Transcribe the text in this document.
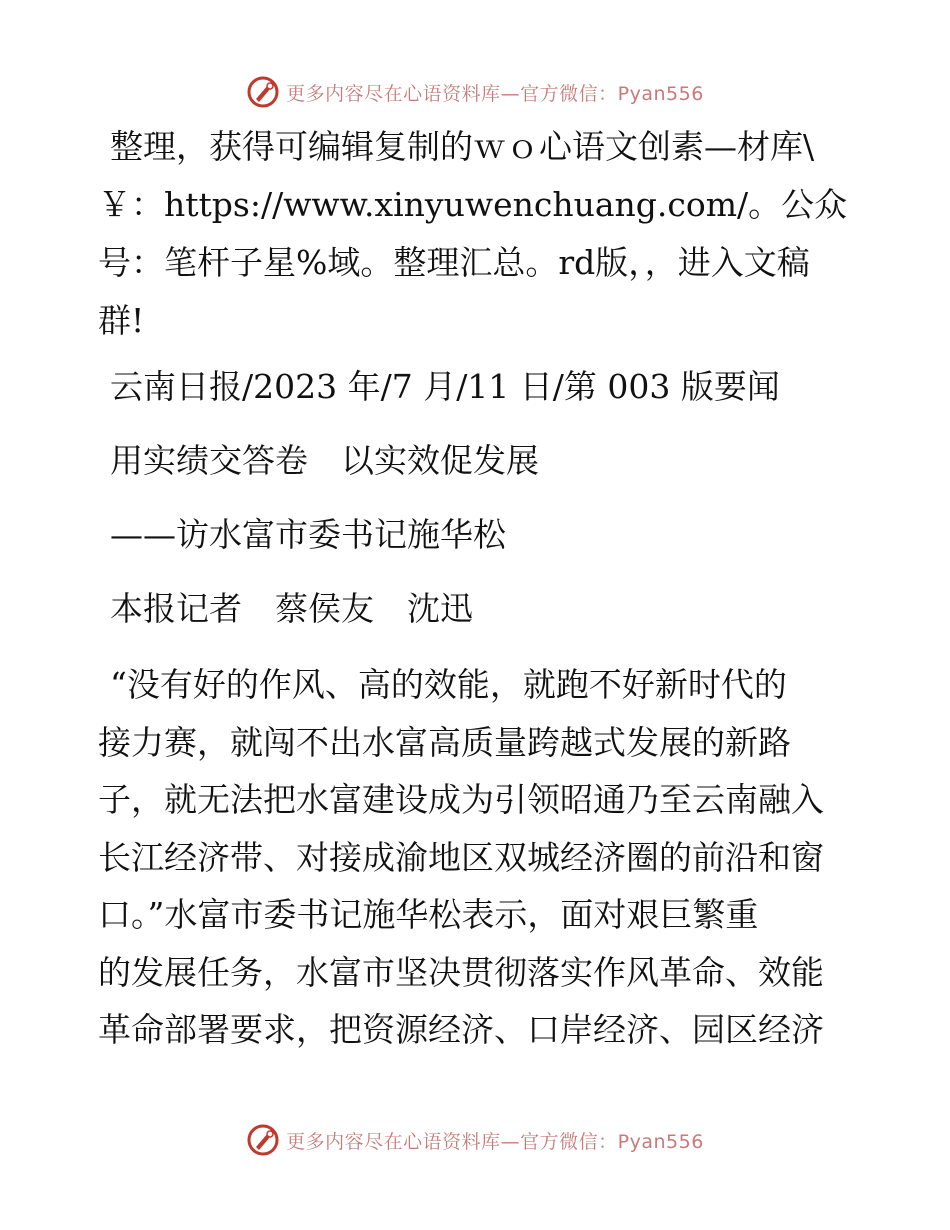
更多内容尽在心语资料库—官方微信：Pyan556

整理，获得可编辑复制的ｗｏ心语文创素—材库\

￥：https://www.xinyuwenchuang.com/。公众

号：笔杆子星%域。整理汇总。rd版，，进入文稿

群!

云南日报/2023 年/7 月/11 日/第 003 版要闻

用实绩交答卷　以实效促发展

——访水富市委书记施华松

本报记者　蔡侯友　沈迅

“没有好的作风、高的效能，就跑不好新时代的

接力赛，就闯不出水富高质量跨越式发展的新路

子，就无法把水富建设成为引领昭通乃至云南融入

长江经济带、对接成渝地区双城经济圈的前沿和窗

口。”水富市委书记施华松表示，面对艰巨繁重

的发展任务，水富市坚决贯彻落实作风革命、效能

革命部署要求，把资源经济、口岸经济、园区经济

更多内容尽在心语资料库—官方微信：Pyan556
